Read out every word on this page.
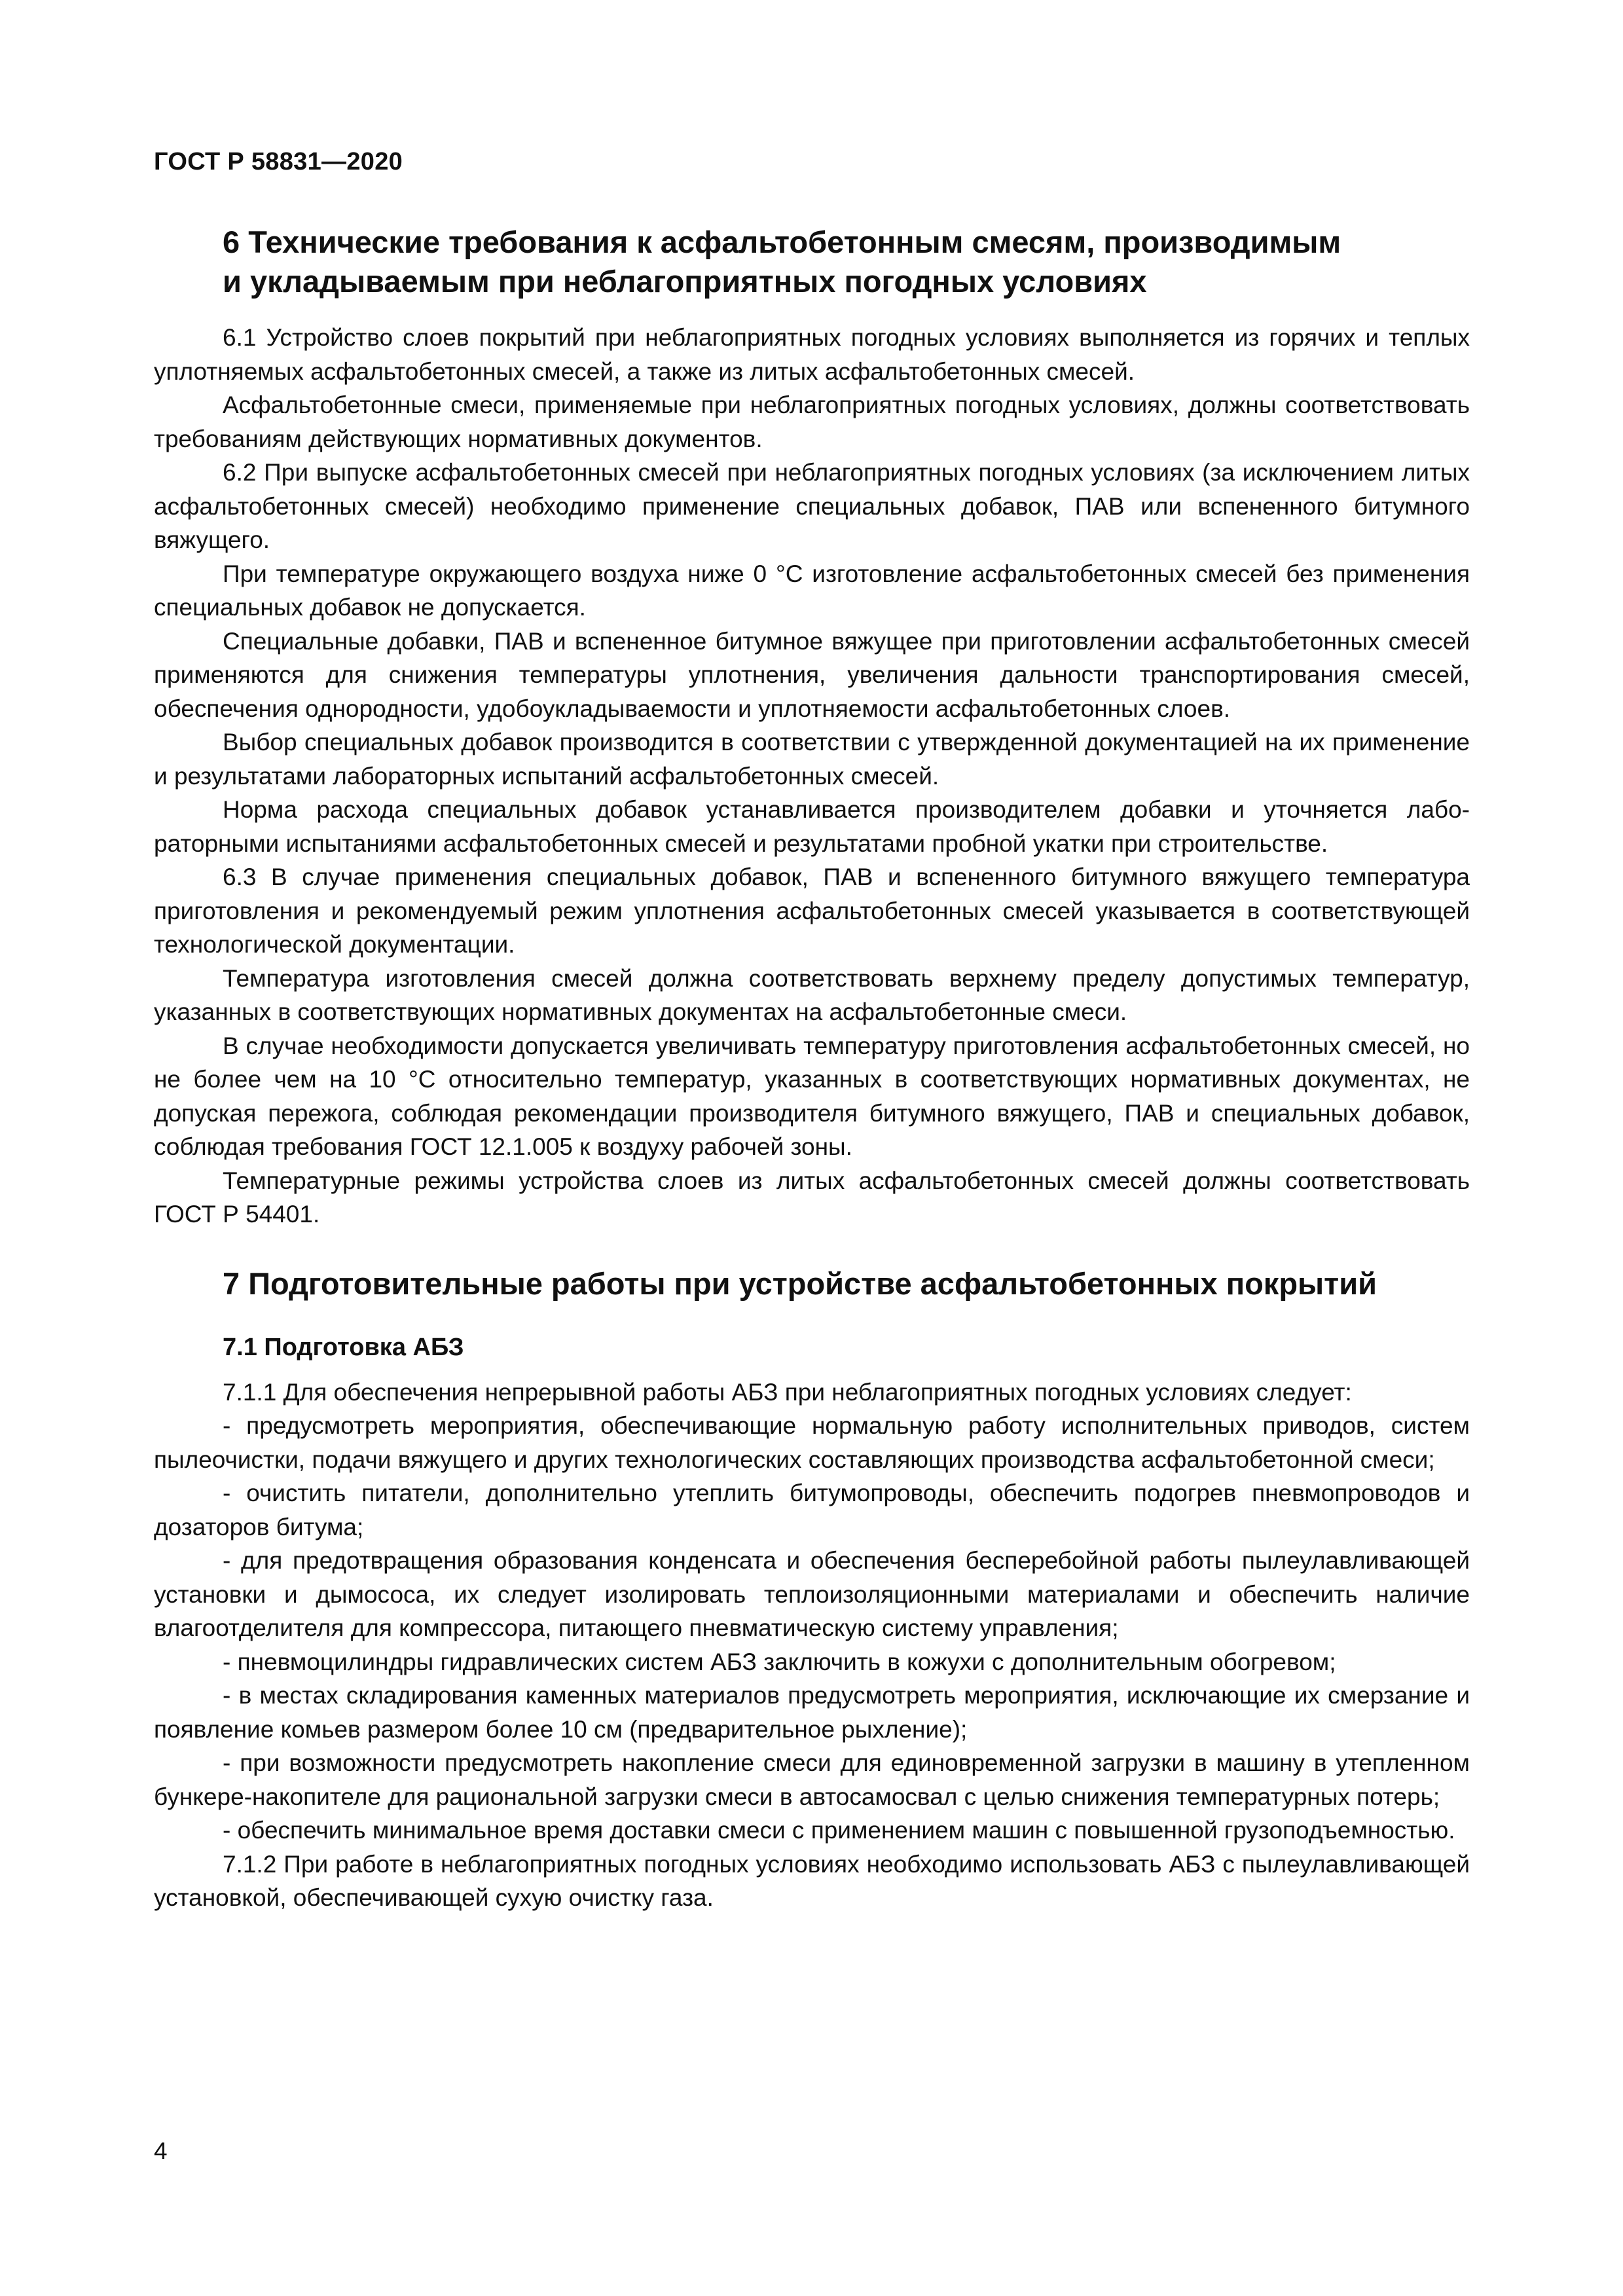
ГОСТ Р 58831—2020

6 Технические требования к асфальтобетонным смесям, производимым
и укладываемым при неблагоприятных погодных условиях

6.1 Устройство слоев покрытий при неблагоприятных погодных условиях выполняется из горячих и теплых уплотняемых асфальтобетонных смесей, а также из литых асфальтобетонных смесей.

Асфальтобетонные смеси, применяемые при неблагоприятных погодных условиях, должны соответствовать требованиям действующих нормативных документов.

6.2 При выпуске асфальтобетонных смесей при неблагоприятных погодных условиях (за исключением литых асфальтобетонных смесей) необходимо применение специальных добавок, ПАВ или вспененного битумного вяжущего.

При температуре окружающего воздуха ниже 0 °С изготовление асфальтобетонных смесей без применения специальных добавок не допускается.

Специальные добавки, ПАВ и вспененное битумное вяжущее при приготовлении асфальтобетонных смесей применяются для снижения температуры уплотнения, увеличения дальности транспортирования смесей, обеспечения однородности, удобоукладываемости и уплотняемости асфальтобетонных слоев.

Выбор специальных добавок производится в соответствии с утвержденной документацией на их применение и результатами лабораторных испытаний асфальтобетонных смесей.

Норма расхода специальных добавок устанавливается производителем добавки и уточняется лабораторными испытаниями асфальтобетонных смесей и результатами пробной укатки при строительстве.

6.3 В случае применения специальных добавок, ПАВ и вспененного битумного вяжущего температура приготовления и рекомендуемый режим уплотнения асфальтобетонных смесей указывается в соответствующей технологической документации.

Температура изготовления смесей должна соответствовать верхнему пределу допустимых температур, указанных в соответствующих нормативных документах на асфальтобетонные смеси.

В случае необходимости допускается увеличивать температуру приготовления асфальтобетонных смесей, но не более чем на 10 °С относительно температур, указанных в соответствующих нормативных документах, не допуская пережога, соблюдая рекомендации производителя битумного вяжущего, ПАВ и специальных добавок, соблюдая требования ГОСТ 12.1.005 к воздуху рабочей зоны.

Температурные режимы устройства слоев из литых асфальтобетонных смесей должны соответствовать ГОСТ Р 54401.

7 Подготовительные работы при устройстве асфальтобетонных покрытий
7.1 Подготовка АБЗ

7.1.1 Для обеспечения непрерывной работы АБЗ при неблагоприятных погодных условиях следует:

- предусмотреть мероприятия, обеспечивающие нормальную работу исполнительных приводов, систем пылеочистки, подачи вяжущего и других технологических составляющих производства асфальтобетонной смеси;

- очистить питатели, дополнительно утеплить битумопроводы, обеспечить подогрев пневмопроводов и дозаторов битума;

- для предотвращения образования конденсата и обеспечения бесперебойной работы пылеулавливающей установки и дымососа, их следует изолировать теплоизоляционными материалами и обеспечить наличие влагоотделителя для компрессора, питающего пневматическую систему управления;

- пневмоцилиндры гидравлических систем АБЗ заключить в кожухи с дополнительным обогревом;

- в местах складирования каменных материалов предусмотреть мероприятия, исключающие их смерзание и появление комьев размером более 10 см (предварительное рыхление);

- при возможности предусмотреть накопление смеси для единовременной загрузки в машину в утепленном бункере-накопителе для рациональной загрузки смеси в автосамосвал с целью снижения температурных потерь;

- обеспечить минимальное время доставки смеси с применением машин с повышенной грузоподъемностью.

7.1.2 При работе в неблагоприятных погодных условиях необходимо использовать АБЗ с пылеулавливающей установкой, обеспечивающей сухую очистку газа.

4
